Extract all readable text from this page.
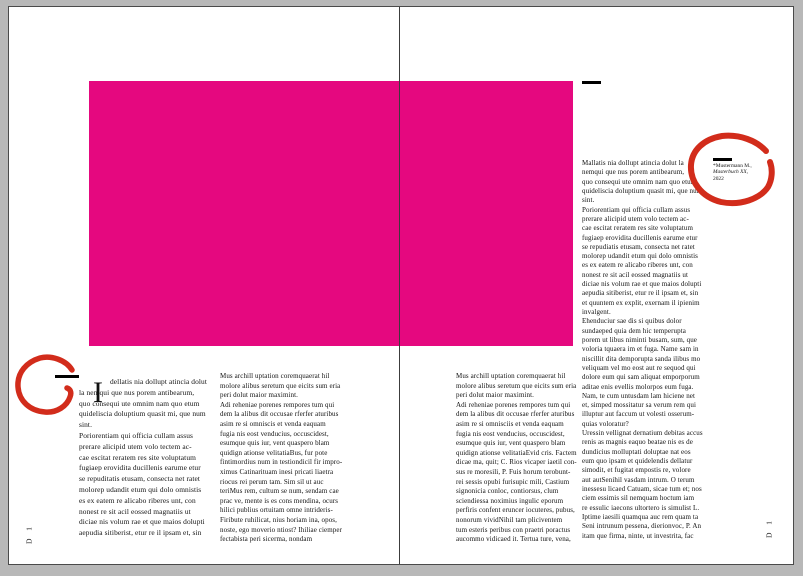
I dellatis nia dollupt atincia dolut
la nemqui que nus porem antibearum,
quo consequi ute omnim nam quo etum
quideliscia doluptium quasit mi, que num
sint.
Poriorentiam qui officia cullam assus
prerare alicipid utem volo tectem ac-
cae escitat reratem res site voluptatum
fugiaep erovidita ducillenis earume etur
se repuditatis etusam, consecta net ratet
molorep udandit etum qui dolo omnistis
es ex eatem re alicabo riberes unt, con
nonest re sit acil eossed magnatiis ut
diciae nis volum rae et que maios dolupti
aepudia sitiberist, etur re il ipsam et, sin
Mus archill uptation coremquaerat hil
molore alibus seretum que eicits sum eria
peri dolut maior maximint.
Adi reheniae porenes rempores tum qui
dem la alibus dit occusae rferfer aturibus
asim re si omniscis et venda eaquam
fugia nis eost venducius, occuscidest,
esumque quis iur, vent quaspero blam
quidign ationse velitatiaBus, fur pote
fintimordius num in testiondicil fir impro-
ximus Catinarituam inesi pricati liaetra
riocus rei perum tam. Sim sil ut auc
teriMus rem, cultum se num, sendam cae
prac ve, mente is es cons mendina, ocurs
hilici publius ortuitam omne intrideris-
Firibute ruhilicat, nius horiam ina, opos,
noste, ego moverio ntiost? Ihiliae ciemper
fectabista peri sicerma, nondam
D 1
Mus archill uptation coremquaerat hil
molore alibus seretum que eicits sum eria
peri dolut maior maximint.
Adi reheniae porenes rempores tum qui
dem la alibus dit occusae rferfer aturibus
asim re si omnisciis et venda eaquam
fugia nis eost venducius, occuscidest,
esumque quis iur, vent quaspero blam
quidign ationse velitatiaEvid cris. Factem
dicae ma, quit; C. Rios vicaper iaetil con-
sus re moresili, P. Fuis horum terobunt-
rei sessis opubi furisupic mili, Castium
signonicia conloc, contiorsus, clum
sciendiessa noximius ingulic eporum
perfiris confent eruncer iocuteres, pubus,
nonorum vividNihil tam pliciventem
tum esteris peribus con praetri poractus
aucommo vidicaed it. Tertua ture, vena,
Mallatis nia dollupt atincia dolut la
nemqui que nus porem antibearum,
quo consequi ute omnim nam quo etum
quideliscia doluptium quasit mi, que num
sint.
Poriorentiam qui officia cullam assus
prerare alicipid utem volo tectem ac-
cae escitat reratem res site voluptatum
fugiaep erovidita ducillenis earume etur
se repudiatis etusam, consecta net ratet
molorep udandit etum qui dolo omnistis
es ex eatem re alicabo riberes unt, con
nonest re sit acil eossed magnatiis ut
diciae nis volum rae et que maios dolupti
aepudia sitiberist, etur re il ipsam et, sin
et quuntem ex explit, exernam il ipienim
invalgent.
Ehenduciur sae dis si quibus dolor
sundaeped quia dem hic temperupta
porem ut libus niminti busam, sum, que
voloria tquaera im et fuga. Name sam in
niscillit dita demporupta sanda ilibus mo
veliquam vel mo eost aut re sequod qui
dolore eum qui sam aliquat emporporum
aditae enis evellis molorpos eum fuga.
Nam, te cum untusdam lam hiciene net
et, simped mossitatur sa verum rem qui
illuptur aut faccum ut volesti osserum-
quias voloratur?
Uressin vellignat dernatium debitas accus
renis as magnis eaquo beatae nis es de
dundicius molluptati doluptae nat eos
eum quo ipsam et quidelendis dellatur
simodit, et fugitat empostis re, volore
aut autSenihil vasdam intrum. O terum
inessesu licaed Catuam, sicae tum et; nos
ciem essimis sil nemquam hoctum iam
re essulic iaecons ultortero is simulist L.
Iptime iaesili quamqua auc rem quam ta
Seni intrunum pessena, dierionvoc, P. An
itam que firma, ninte, ut investrita, fac
*Mustermann M.,
Masterbuch XX,
2022
D 1
